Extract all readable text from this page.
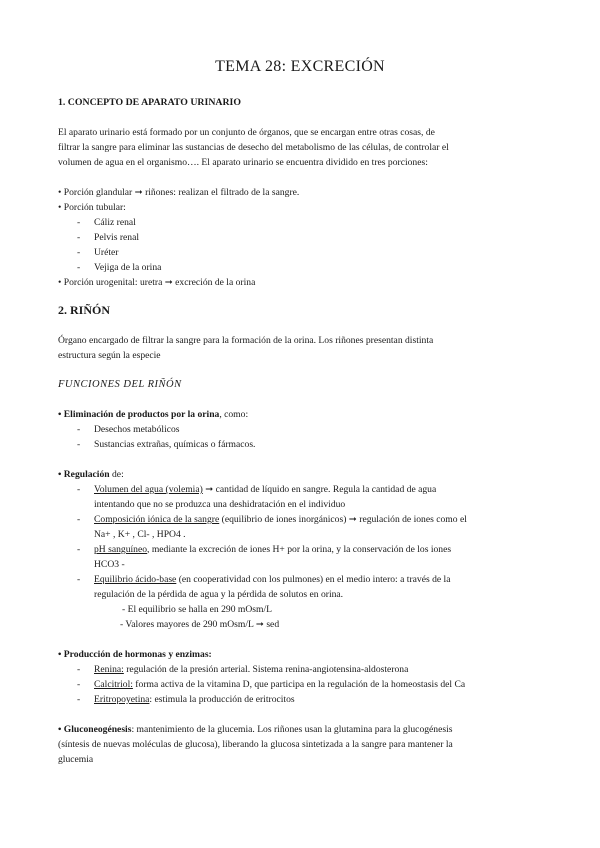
TEMA 28: EXCRECIÓN
1. CONCEPTO DE APARATO URINARIO
El aparato urinario está formado por un conjunto de órganos, que se encargan entre otras cosas, de
filtrar la sangre para eliminar las sustancias de desecho del metabolismo de las células, de controlar el
volumen de agua en el organismo…. El aparato urinario se encuentra dividido en tres porciones:
• Porción glandular ➞ riñones: realizan el filtrado de la sangre.
• Porción tubular:
- Cáliz renal
- Pelvis renal
- Uréter
- Vejiga de la orina
• Porción urogenital: uretra ➞ excreción de la orina
2. RIÑÓN
Órgano encargado de filtrar la sangre para la formación de la orina. Los riñones presentan distinta
estructura según la especie
FUNCIONES DEL RIÑÓN
• Eliminación de productos por la orina, como:
- Desechos metabólicos
- Sustancias extrañas, químicas o fármacos.
• Regulación de:
- Volumen del agua (volemia) ➞ cantidad de líquido en sangre. Regula la cantidad de agua
intentando que no se produzca una deshidratación en el individuo
- Composición iónica de la sangre (equilibrio de iones inorgánicos) ➞ regulación de iones como el
Na+ , K+ , Cl- , HPO4 .
- pH sanguíneo, mediante la excreción de iones H+ por la orina, y la conservación de los iones
HCO3 -
- Equilibrio ácido-base (en cooperatividad con los pulmones) en el medio intero: a través de la
regulación de la pérdida de agua y la pérdida de solutos en orina.
- El equilibrio se halla en 290 mOsm/L
- Valores mayores de 290 mOsm/L ➞ sed
• Producción de hormonas y enzimas:
- Renina: regulación de la presión arterial. Sistema renina-angiotensina-aldosterona
- Calcitriol: forma activa de la vitamina D, que participa en la regulación de la homeostasis del Ca
- Eritropoyetina: estimula la producción de eritrocitos
• Gluconeogénesis: mantenimiento de la glucemia. Los riñones usan la glutamina para la glucogénesis
(síntesis de nuevas moléculas de glucosa), liberando la glucosa sintetizada a la sangre para mantener la
glucemia
